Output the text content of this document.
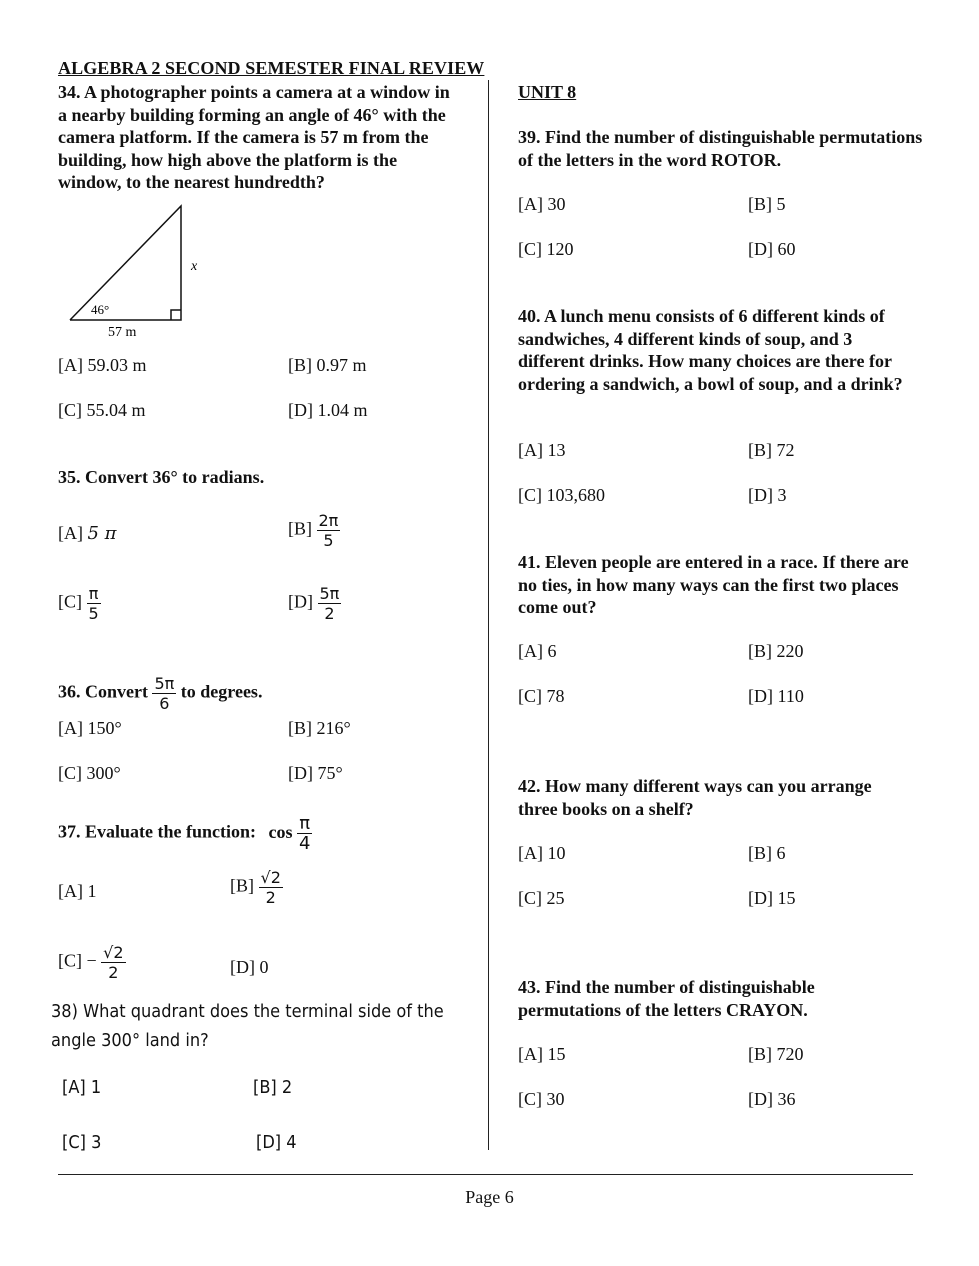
ALGEBRA 2 SECOND SEMESTER FINAL REVIEW
34. A photographer points a camera at a window in a nearby building forming an angle of 46° with the camera platform. If the camera is 57 m from the building, how high above the platform is the window, to the nearest hundredth?
46°
x
57 m
[A] 59.03 m	[B] 0.97 m
[C] 55.04 m	[D] 1.04 m
35. Convert 36° to radians.
[A] 5 π	$[B] \frac{2\pi}{5}$
$[C] \frac{\pi}{5}$	$[D] \frac{5\pi}{2}$
36. Convert $\frac{5\pi}{6}$ to degrees.
[A] 150°	[B] 216°
[C] 300°	[D] 75°
37. Evaluate the function: $\cos \frac{\pi}{4}$
[A] 1	$[B] \frac{√2}{2}$
$[C] - \frac{√2}{2}$	[D] 0
38) What quadrant does the terminal side of the angle 300° land in?
[A] 1	[B] 2
[C] 3	[D] 4
UNIT 8
39. Find the number of distinguishable permutations of the letters in the word ROTOR.
[A] 30	[B] 5
[C] 120	[D] 60
40. A lunch menu consists of 6 different kinds of sandwiches, 4 different kinds of soup, and 3 different drinks. How many choices are there for ordering a sandwich, a bowl of soup, and a drink?
[A] 13	[B] 72
[C] 103,680	[D] 3
41. Eleven people are entered in a race. If there are no ties, in how many ways can the first two places come out?
[A] 6	[B] 220
[C] 78	[D] 110
42. How many different ways can you arrange three books on a shelf?
[A] 10	[B] 6
[C] 25	[D] 15
43. Find the number of distinguishable permutations of the letters CRAYON.
[A] 15	[B] 720
[C] 30	[D] 36
Page 6
